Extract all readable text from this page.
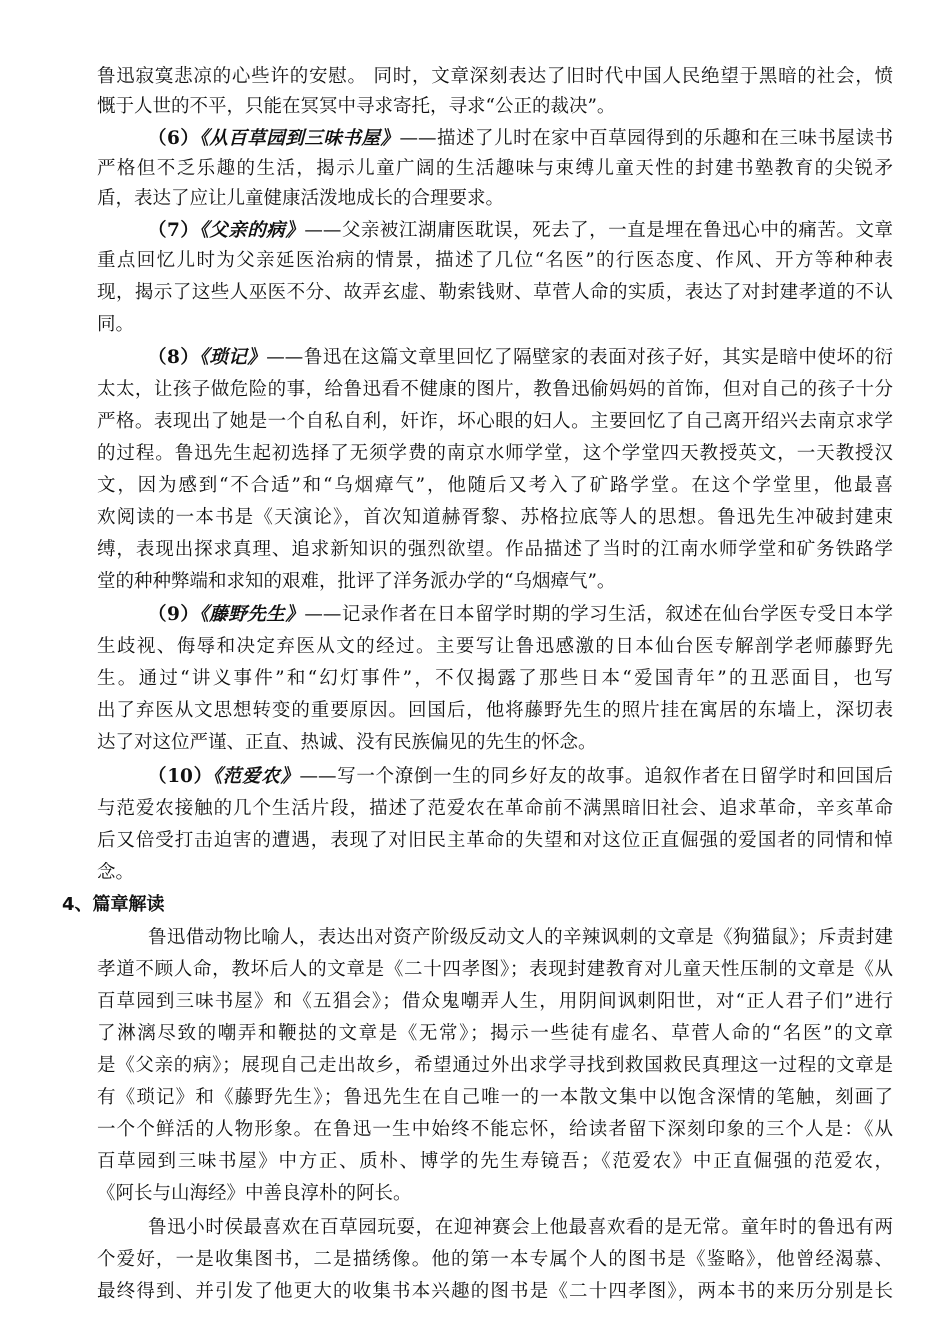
鲁迅寂寞悲凉的心些许的安慰。 同时，文章深刻表达了旧时代中国人民绝望于黑暗的社会，愤
慨于人世的不平，只能在冥冥中寻求寄托，寻求“公正的裁决”。
（6）《从百草园到三味书屋》——描述了儿时在家中百草园得到的乐趣和在三味书屋读书
严格但不乏乐趣的生活，揭示儿童广阔的生活趣味与束缚儿童天性的封建书塾教育的尖锐矛
盾，表达了应让儿童健康活泼地成长的合理要求。
（7）《父亲的病》——父亲被江湖庸医耽误，死去了，一直是埋在鲁迅心中的痛苦。文章
重点回忆儿时为父亲延医治病的情景，描述了几位“名医”的行医态度、作风、开方等种种表
现，揭示了这些人巫医不分、故弄玄虚、勒索钱财、草菅人命的实质，表达了对封建孝道的不认
同。
（8）《琐记》——鲁迅在这篇文章里回忆了隔壁家的表面对孩子好，其实是暗中使坏的衍
太太，让孩子做危险的事，给鲁迅看不健康的图片，教鲁迅偷妈妈的首饰，但对自己的孩子十分
严格。表现出了她是一个自私自利，奸诈，坏心眼的妇人。主要回忆了自己离开绍兴去南京求学
的过程。鲁迅先生起初选择了无须学费的南京水师学堂，这个学堂四天教授英文，一天教授汉
文，因为感到“不合适”和“乌烟瘴气”，他随后又考入了矿路学堂。在这个学堂里，他最喜
欢阅读的一本书是《天演论》，首次知道赫胥黎、苏格拉底等人的思想。鲁迅先生冲破封建束
缚，表现出探求真理、追求新知识的强烈欲望。作品描述了当时的江南水师学堂和矿务铁路学
堂的种种弊端和求知的艰难，批评了洋务派办学的“乌烟瘴气”。
（9）《藤野先生》——记录作者在日本留学时期的学习生活，叙述在仙台学医专受日本学
生歧视、侮辱和决定弃医从文的经过。主要写让鲁迅感激的日本仙台医专解剖学老师藤野先
生。通过“讲义事件”和“幻灯事件”，不仅揭露了那些日本“爱国青年”的丑恶面目，也写
出了弃医从文思想转变的重要原因。回国后，他将藤野先生的照片挂在寓居的东墙上，深切表
达了对这位严谨、正直、热诚、没有民族偏见的先生的怀念。
（10）《范爱农》——写一个潦倒一生的同乡好友的故事。追叙作者在日留学时和回国后
与范爱农接触的几个生活片段，描述了范爱农在革命前不满黑暗旧社会、追求革命，辛亥革命
后又倍受打击迫害的遭遇，表现了对旧民主革命的失望和对这位正直倔强的爱国者的同情和悼
念。
4、篇章解读
鲁迅借动物比喻人，表达出对资产阶级反动文人的辛辣讽刺的文章是《狗猫鼠》；斥责封建
孝道不顾人命，教坏后人的文章是《二十四孝图》；表现封建教育对儿童天性压制的文章是《从
百草园到三味书屋》和《五猖会》；借众鬼嘲弄人生，用阴间讽刺阳世，对“正人君子们”进行
了淋漓尽致的嘲弄和鞭挞的文章是《无常》；揭示一些徒有虚名、草菅人命的“名医”的文章
是《父亲的病》；展现自己走出故乡，希望通过外出求学寻找到救国救民真理这一过程的文章是
有《琐记》和《藤野先生》；鲁迅先生在自己唯一的一本散文集中以饱含深情的笔触，刻画了
一个个鲜活的人物形象。在鲁迅一生中始终不能忘怀，给读者留下深刻印象的三个人是：《从
百草园到三味书屋》中方正、质朴、博学的先生寿镜吾；《范爱农》中正直倔强的范爱农，
《阿长与山海经》中善良淳朴的阿长。
鲁迅小时侯最喜欢在百草园玩耍，在迎神赛会上他最喜欢看的是无常。童年时的鲁迅有两
个爱好，一是收集图书，二是描绣像。他的第一本专属个人的图书是《鉴略》，他曾经渴慕、
最终得到、并引发了他更大的收集书本兴趣的图书是《二十四孝图》，两本书的来历分别是长
